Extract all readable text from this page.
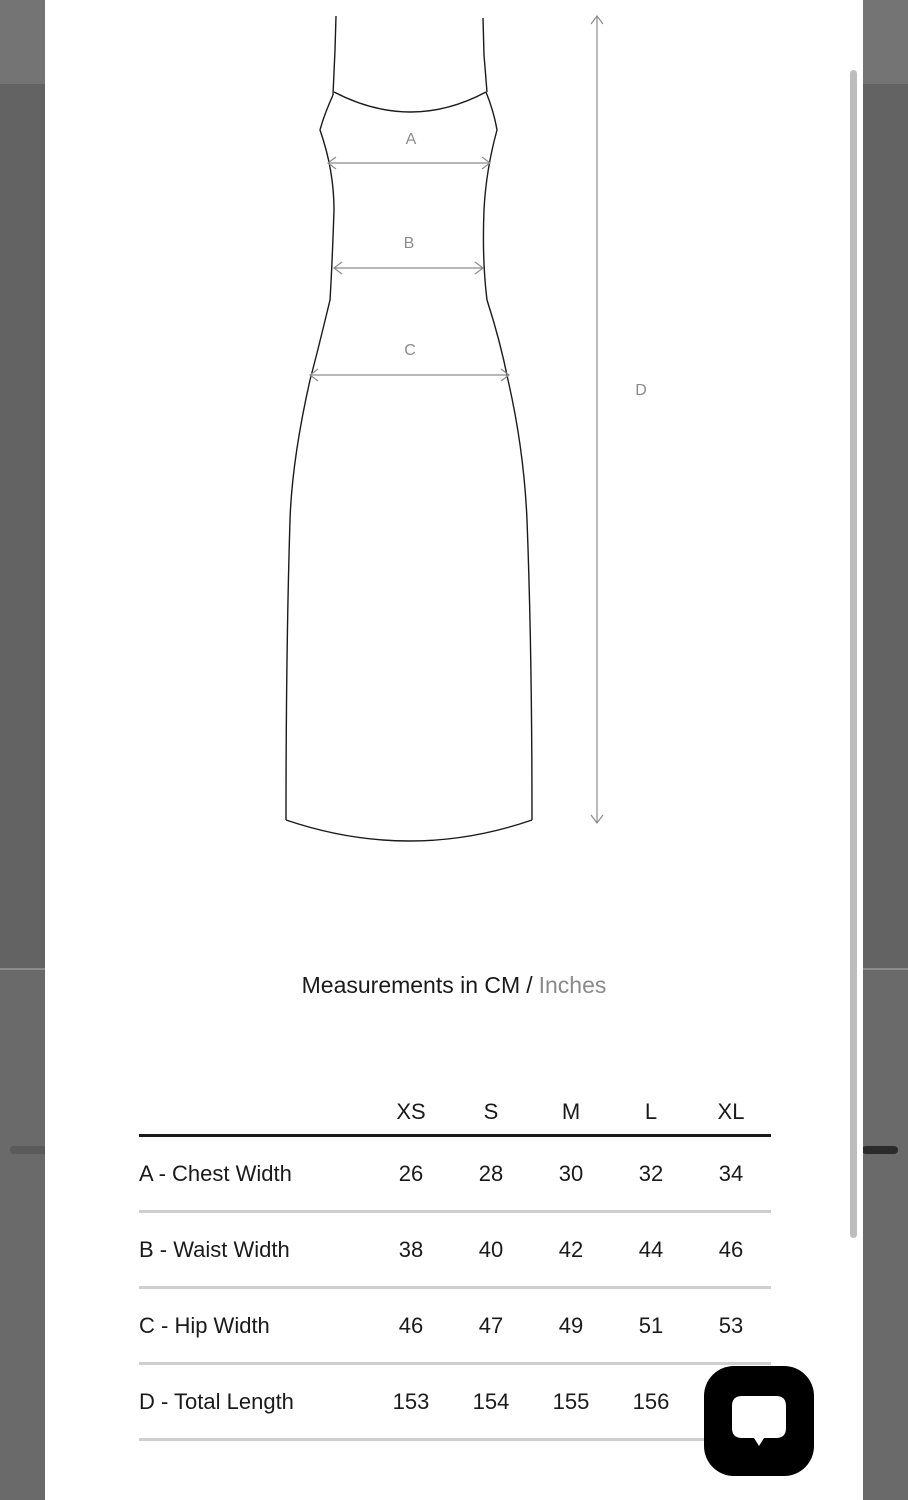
A
B
C
D
Measurements in CM / Inches
	XS	S	M	L	XL
A - Chest Width	26	28	30	32	34
B - Waist Width	38	40	42	44	46
C - Hip Width	46	47	49	51	53
D - Total Length	153	154	155	156	
